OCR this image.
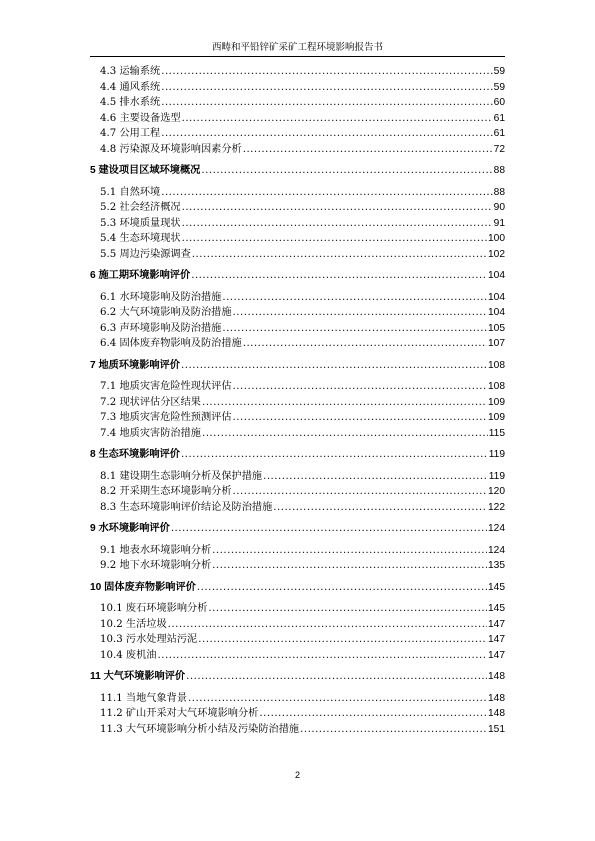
西畴和平铅锌矿采矿工程环境影响报告书
4.3 运输系统 .....	59
4.4 通风系统 .....	59
4.5 排水系统 .....	60
4.6 主要设备选型 .....	61
4.7 公用工程 .....	61
4.8 污染源及环境影响因素分析 .....	72
5 建设项目区域环境概况 .....	88
5.1 自然环境 .....	88
5.2 社会经济概况 .....	90
5.3 环境质量现状 .....	91
5.4 生态环境现状 .....	100
5.5 周边污染源调查 .....	102
6 施工期环境影响评价 .....	104
6.1 水环境影响及防治措施 .....	104
6.2 大气环境影响及防治措施 .....	104
6.3 声环境影响及防治措施 .....	105
6.4 固体废弃物影响及防治措施 .....	107
7 地质环境影响评价 .....	108
7.1 地质灾害危险性现状评估 .....	108
7.2 现状评估分区结果 .....	109
7.3 地质灾害危险性预测评估 .....	109
7.4 地质灾害防治措施 .....	115
8 生态环境影响评价 .....	119
8.1 建设期生态影响分析及保护措施 .....	119
8.2 开采期生态环境影响分析 .....	120
8.3 生态环境影响评价结论及防治措施 .....	122
9 水环境影响评价 .....	124
9.1 地表水环境影响分析 .....	124
9.2 地下水环境影响分析 .....	135
10 固体废弃物影响评价 .....	145
10.1 废石环境影响分析 .....	145
10.2 生活垃圾 .....	147
10.3 污水处理站污泥 .....	147
10.4 废机油 .....	147
11 大气环境影响评价 .....	148
11.1 当地气象背景 .....	148
11.2 矿山开采对大气环境影响分析 .....	148
11.3 大气环境影响分析小结及污染防治措施 .....	151
2
